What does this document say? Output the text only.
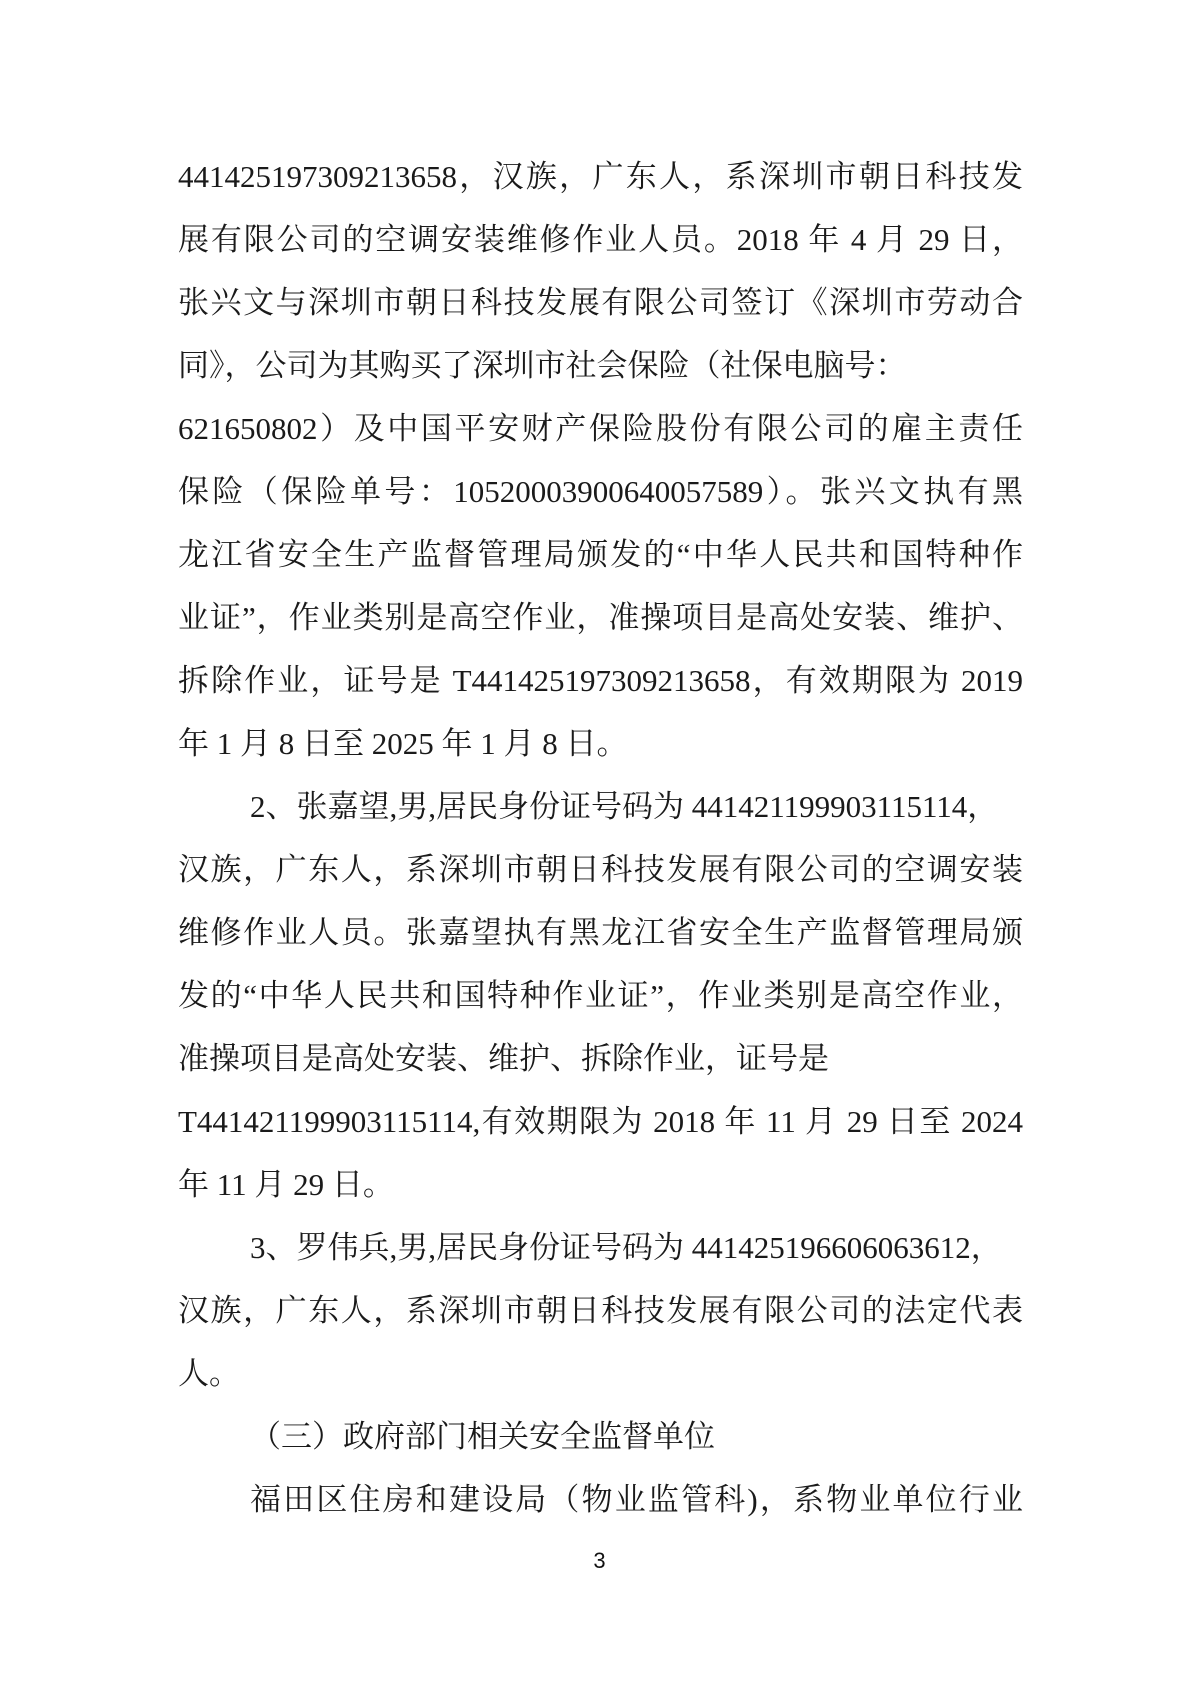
441425197309213658，汉族，广东人，系深圳市朝日科技发
展有限公司的空调安装维修作业人员。2018 年 4 月 29 日，
张兴文与深圳市朝日科技发展有限公司签订《深圳市劳动合
同》，公司为其购买了深圳市社会保险（社保电脑号：
621650802）及中国平安财产保险股份有限公司的雇主责任
保险（保险单号：10520003900640057589）。张兴文执有黑
龙江省安全生产监督管理局颁发的“中华人民共和国特种作
业证”，作业类别是高空作业，准操项目是高处安装、维护、
拆除作业，证号是 T441425197309213658，有效期限为 2019
年 1 月 8 日至 2025 年 1 月 8 日。
2、张嘉望,男,居民身份证号码为 441421199903115114，
汉族，广东人，系深圳市朝日科技发展有限公司的空调安装
维修作业人员。张嘉望执有黑龙江省安全生产监督管理局颁
发的“中华人民共和国特种作业证”，作业类别是高空作业，
准操项目是高处安装、维护、拆除作业，证号是
T441421199903115114,有效期限为 2018 年 11 月 29 日至 2024
年 11 月 29 日。
3、罗伟兵,男,居民身份证号码为 441425196606063612，
汉族，广东人，系深圳市朝日科技发展有限公司的法定代表
人。
（三）政府部门相关安全监督单位
福田区住房和建设局（物业监管科)，系物业单位行业
3
